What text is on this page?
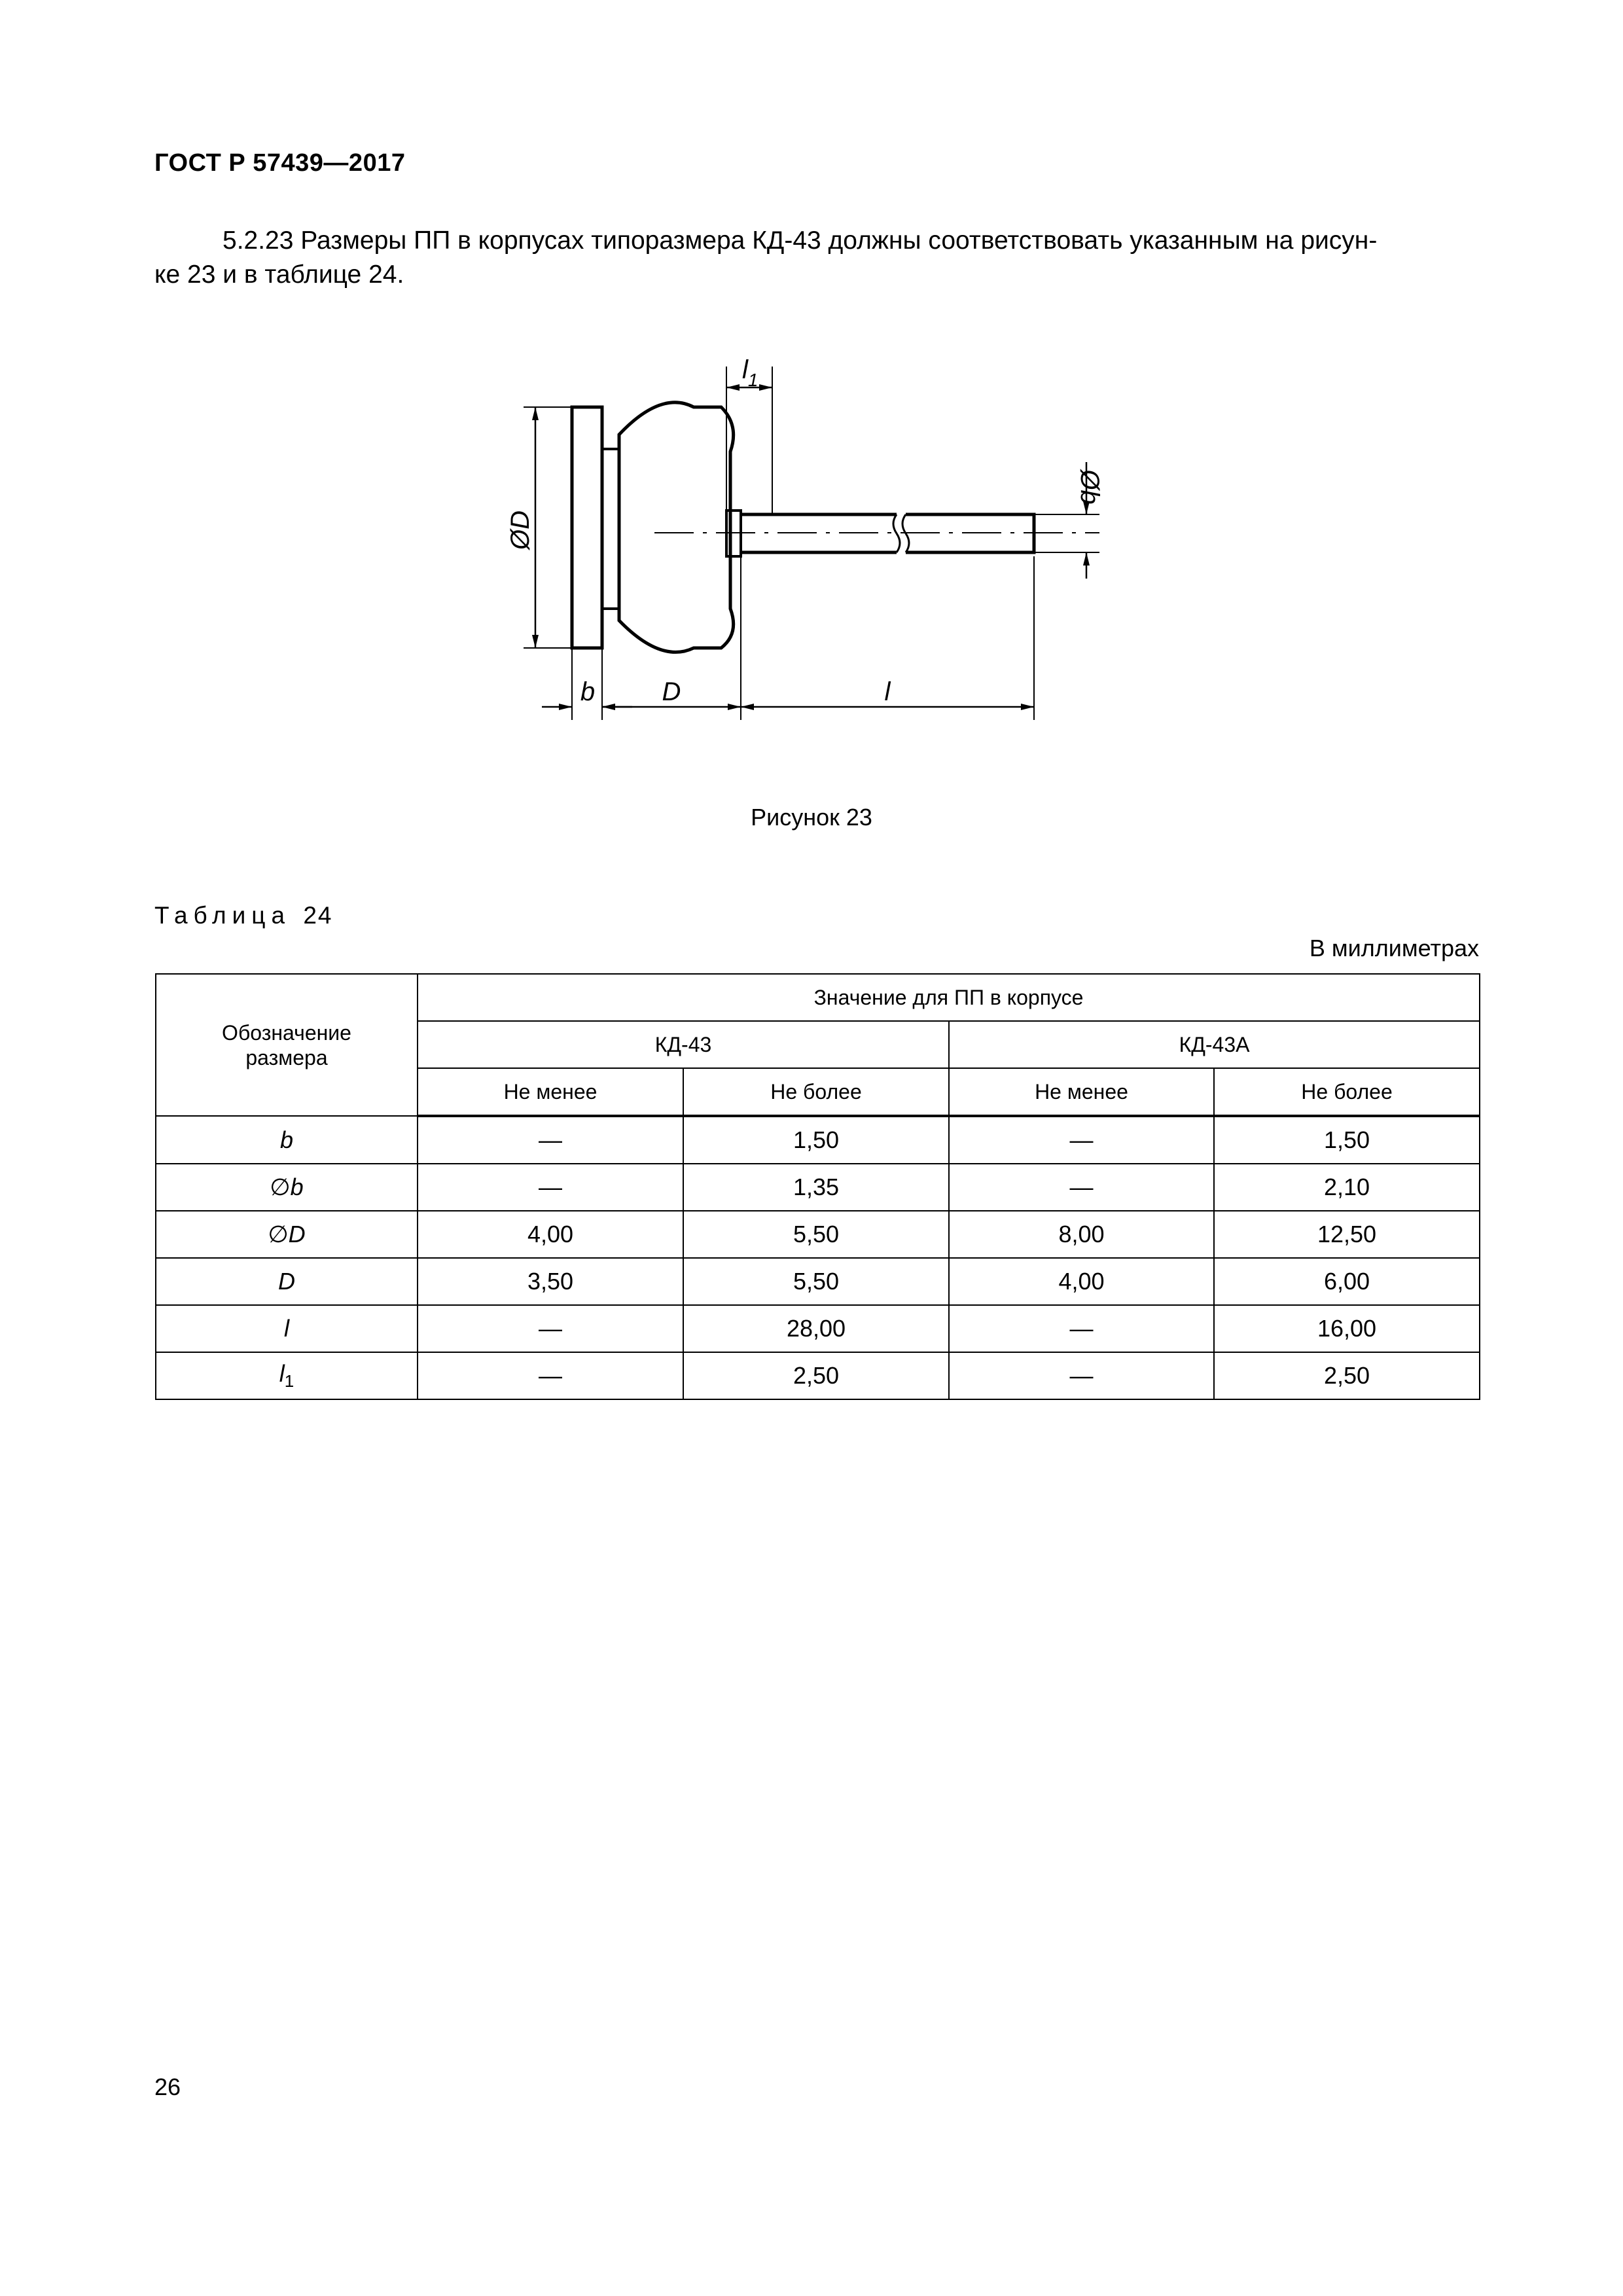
ГОСТ Р 57439—2017
5.2.23 Размеры ПП в корпусах типоразмера КД-43 должны соответствовать указанным на рисун-
ке 23 и в таблице 24.
$l_1$
ØD
Øb
b	D	l
Рисунок 23
Таблица 24
В миллиметрах
Обозначение
размера	Значение для ПП в корпусе			
	КД-43		КД-43А	
	Не менее	Не более	Не менее	Не более
b	—	1,50	—	1,50
∅b	—	1,35	—	2,10
∅D	4,00	5,50	8,00	12,50
D	3,50	5,50	4,00	6,00
l	—	28,00	—	16,00
$l_1$	—	2,50	—	2,50
26
